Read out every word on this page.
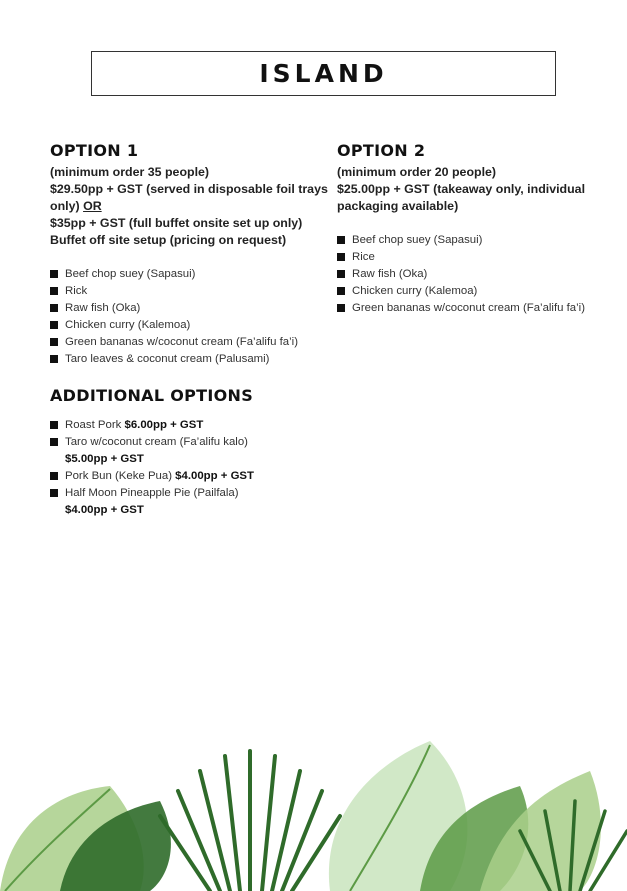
ISLAND
OPTION 1

(minimum order 35 people)

$29.50pp + GST (served in disposable foil trays only) OR

$35pp + GST (full buffet onsite set up only)

Buffet off site setup (pricing on request)

Beef chop suey (Sapasui)
Rick
Raw fish (Oka)
Chicken curry (Kalemoa)
Green bananas w/coconut cream (Fa’alifu fa’i)
Taro leaves & coconut cream (Palusami)
ADDITIONAL OPTIONS
Roast Pork $6.00pp + GST
Taro w/coconut cream (Fa’alifu kalo)
$5.00pp + GST
Pork Bun (Keke Pua) $4.00pp + GST
Half Moon Pineapple Pie (Pailfala)
$4.00pp + GST
OPTION 2

(minimum order 20 people)

$25.00pp + GST (takeaway only, individual packaging available)

Beef chop suey (Sapasui)
Rice
Raw fish (Oka)
Chicken curry (Kalemoa)
Green bananas w/coconut cream (Fa’alifu fa’i)
